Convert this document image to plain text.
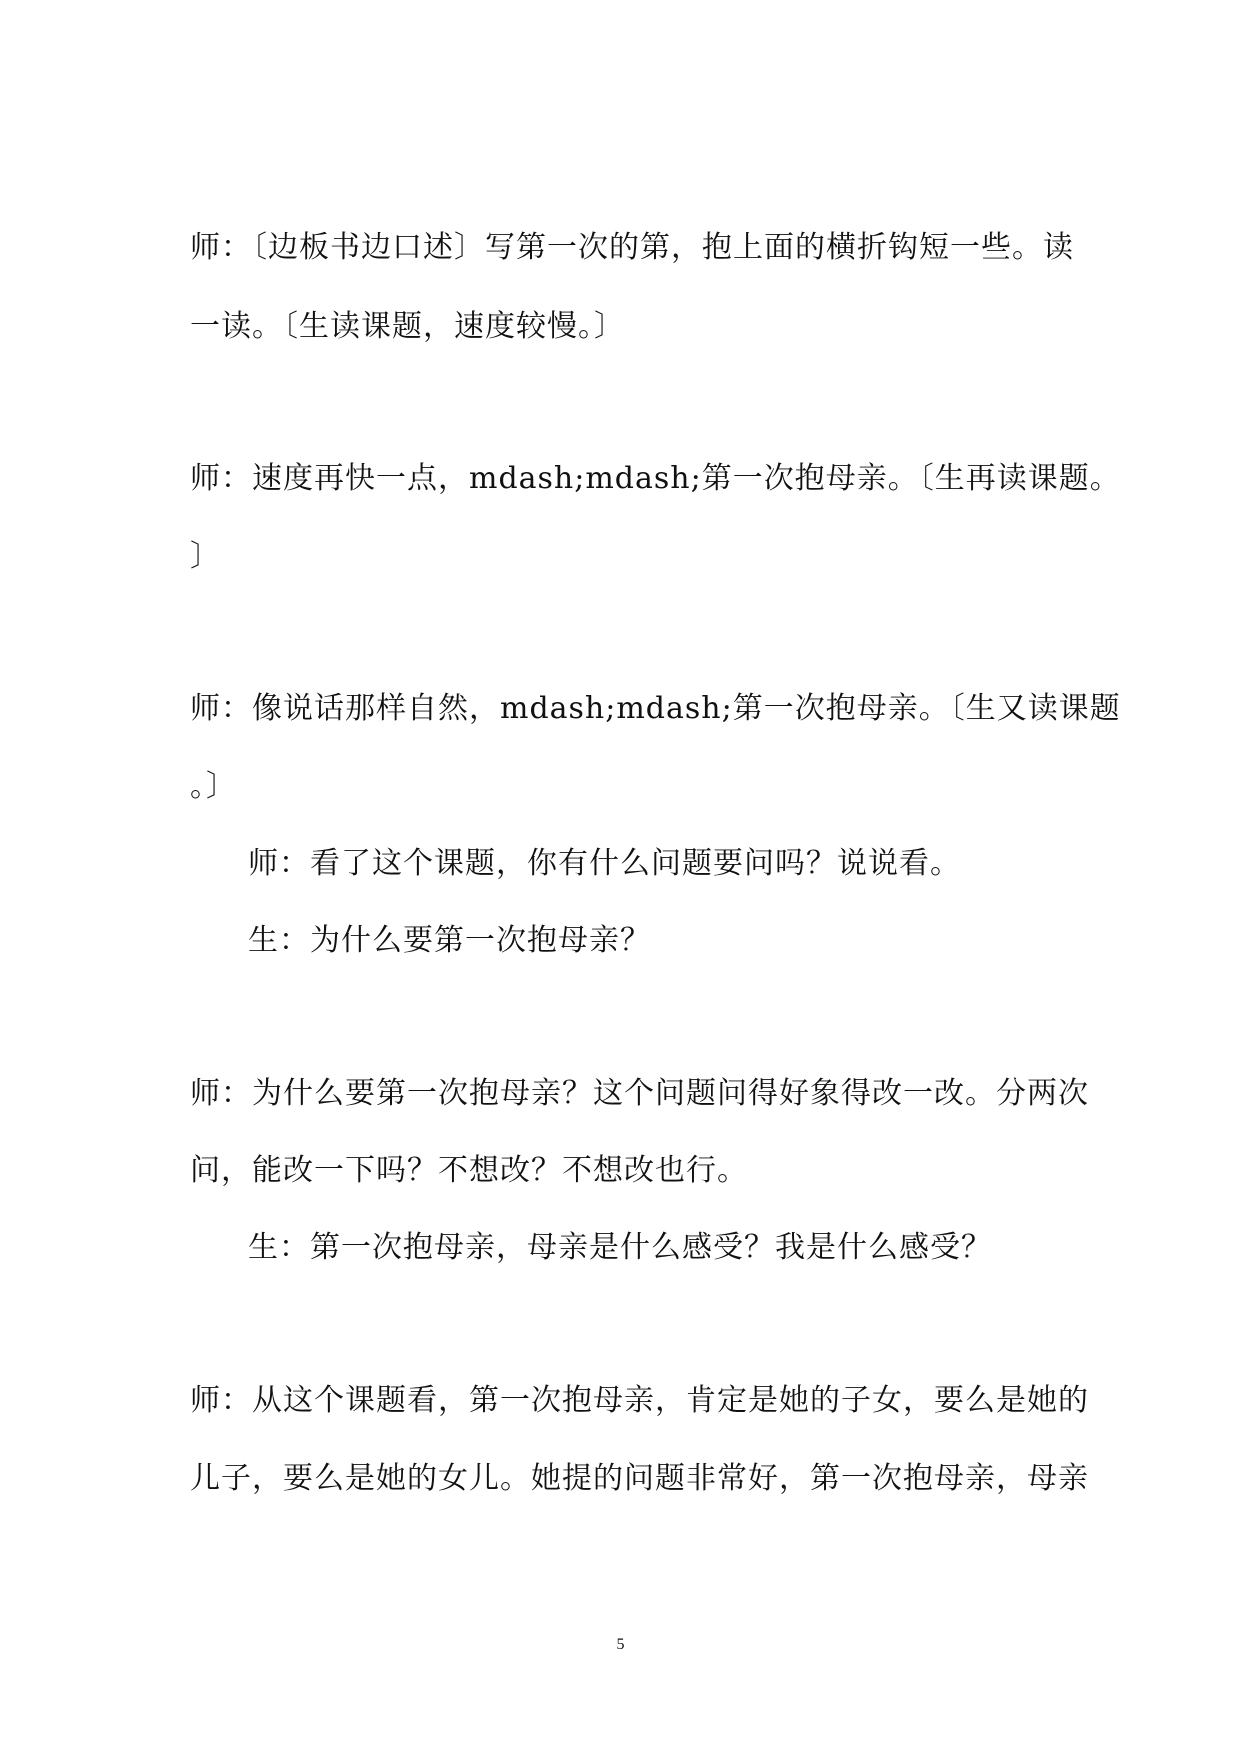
师：〔边板书边口述〕写第一次的第，抱上面的横折钩短一些。读
一读。〔生读课题，速度较慢。〕
师：速度再快一点，mdash;mdash;第一次抱母亲。〔生再读课题。
〕
师：像说话那样自然，mdash;mdash;第一次抱母亲。〔生又读课题
。〕
师：看了这个课题，你有什么问题要问吗？说说看。
生：为什么要第一次抱母亲？
师：为什么要第一次抱母亲？这个问题问得好象得改一改。分两次
问，能改一下吗？不想改？不想改也行。
生：第一次抱母亲，母亲是什么感受？我是什么感受？
师：从这个课题看，第一次抱母亲，肯定是她的子女，要么是她的
儿子，要么是她的女儿。她提的问题非常好，第一次抱母亲，母亲
5
